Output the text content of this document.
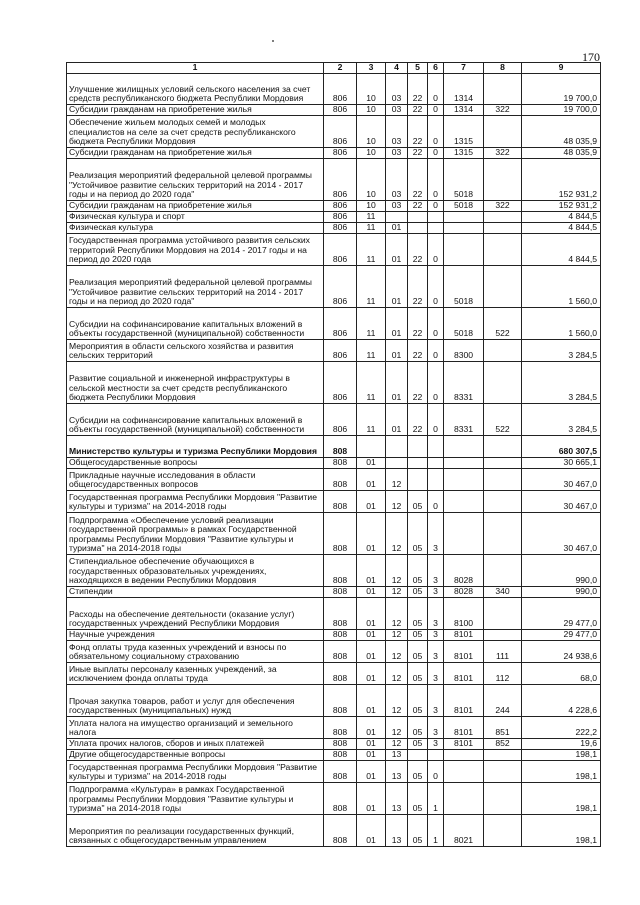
170
1	2	3	4	5	6	7	8	9
Улучшение жилищных условий сельского населения за счет средств республиканского бюджета Республики Мордовия	806	10	03	22	0	1314		19 700,0
Субсидии гражданам на приобретение жилья	806	10	03	22	0	1314	322	19 700,0
Обеспечение жильем молодых семей и молодых специалистов на селе за счет средств республиканского бюджета Республики Мордовия	806	10	03	22	0	1315		48 035,9
Субсидии гражданам на приобретение жилья	806	10	03	22	0	1315	322	48 035,9
Реализация мероприятий федеральной целевой программы "Устойчивое развитие сельских территорий на 2014 - 2017 годы и на период до 2020 года"	806	10	03	22	0	5018		152 931,2
Субсидии гражданам на приобретение жилья	806	10	03	22	0	5018	322	152 931,2
Физическая культура и спорт	806	11						4 844,5
Физическая культура	806	11	01					4 844,5
Государственная программа устойчивого развития сельских территорий Республики Мордовия на 2014 - 2017 годы и на период до 2020 года	806	11	01	22	0			4 844,5
Реализация мероприятий федеральной целевой программы "Устойчивое развитие сельских территорий на 2014 - 2017 годы и на период до 2020 года"	806	11	01	22	0	5018		1 560,0
Субсидии на софинансирование капитальных вложений в объекты государственной (муниципальной) собственности	806	11	01	22	0	5018	522	1 560,0
Мероприятия в области сельского хозяйства и развития сельских территорий	806	11	01	22	0	8300		3 284,5
Развитие социальной и инженерной инфраструктуры в сельской местности за счет средств республиканского бюджета Республики Мордовия	806	11	01	22	0	8331		3 284,5
Субсидии на софинансирование капитальных вложений в объекты государственной (муниципальной) собственности	806	11	01	22	0	8331	522	3 284,5
Министерство культуры и туризма Республики Мордовия	808							680 307,5
Общегосударственные вопросы	808	01						30 665,1
Прикладные научные исследования в области общегосударственных вопросов	808	01	12					30 467,0
Государственная программа Республики Мордовия "Развитие культуры и туризма" на 2014-2018 годы	808	01	12	05	0			30 467,0
Подпрограмма «Обеспечение условий реализации государственной программы» в рамках Государственной программы Республики Мордовия "Развитие культуры и туризма" на 2014-2018 годы	808	01	12	05	3			30 467,0
Стипендиальное обеспечение обучающихся в государственных образовательных учреждениях, находящихся в ведении Республики Мордовия	808	01	12	05	3	8028		990,0
Стипендии	808	01	12	05	3	8028	340	990,0
Расходы на обеспечение деятельности (оказание услуг) государственных учреждений Республики Мордовия	808	01	12	05	3	8100		29 477,0
Научные учреждения	808	01	12	05	3	8101		29 477,0
Фонд оплаты труда казенных учреждений и взносы по обязательному социальному страхованию	808	01	12	05	3	8101	111	24 938,6
Иные выплаты персоналу казенных учреждений, за исключением фонда оплаты труда	808	01	12	05	3	8101	112	68,0
Прочая закупка товаров, работ и услуг для обеспечения государственных (муниципальных) нужд	808	01	12	05	3	8101	244	4 228,6
Уплата налога на имущество организаций и земельного налога	808	01	12	05	3	8101	851	222,2
Уплата прочих налогов, сборов и иных платежей	808	01	12	05	3	8101	852	19,6
Другие общегосударственные вопросы	808	01	13					198,1
Государственная программа Республики Мордовия "Развитие культуры и туризма" на 2014-2018 годы	808	01	13	05	0			198,1
Подпрограмма «Культура» в рамках Государственной программы Республики Мордовия "Развитие культуры и туризма" на 2014-2018 годы	808	01	13	05	1			198,1
Мероприятия по реализации государственных функций, связанных с общегосударственным управлением	808	01	13	05	1	8021		198,1
